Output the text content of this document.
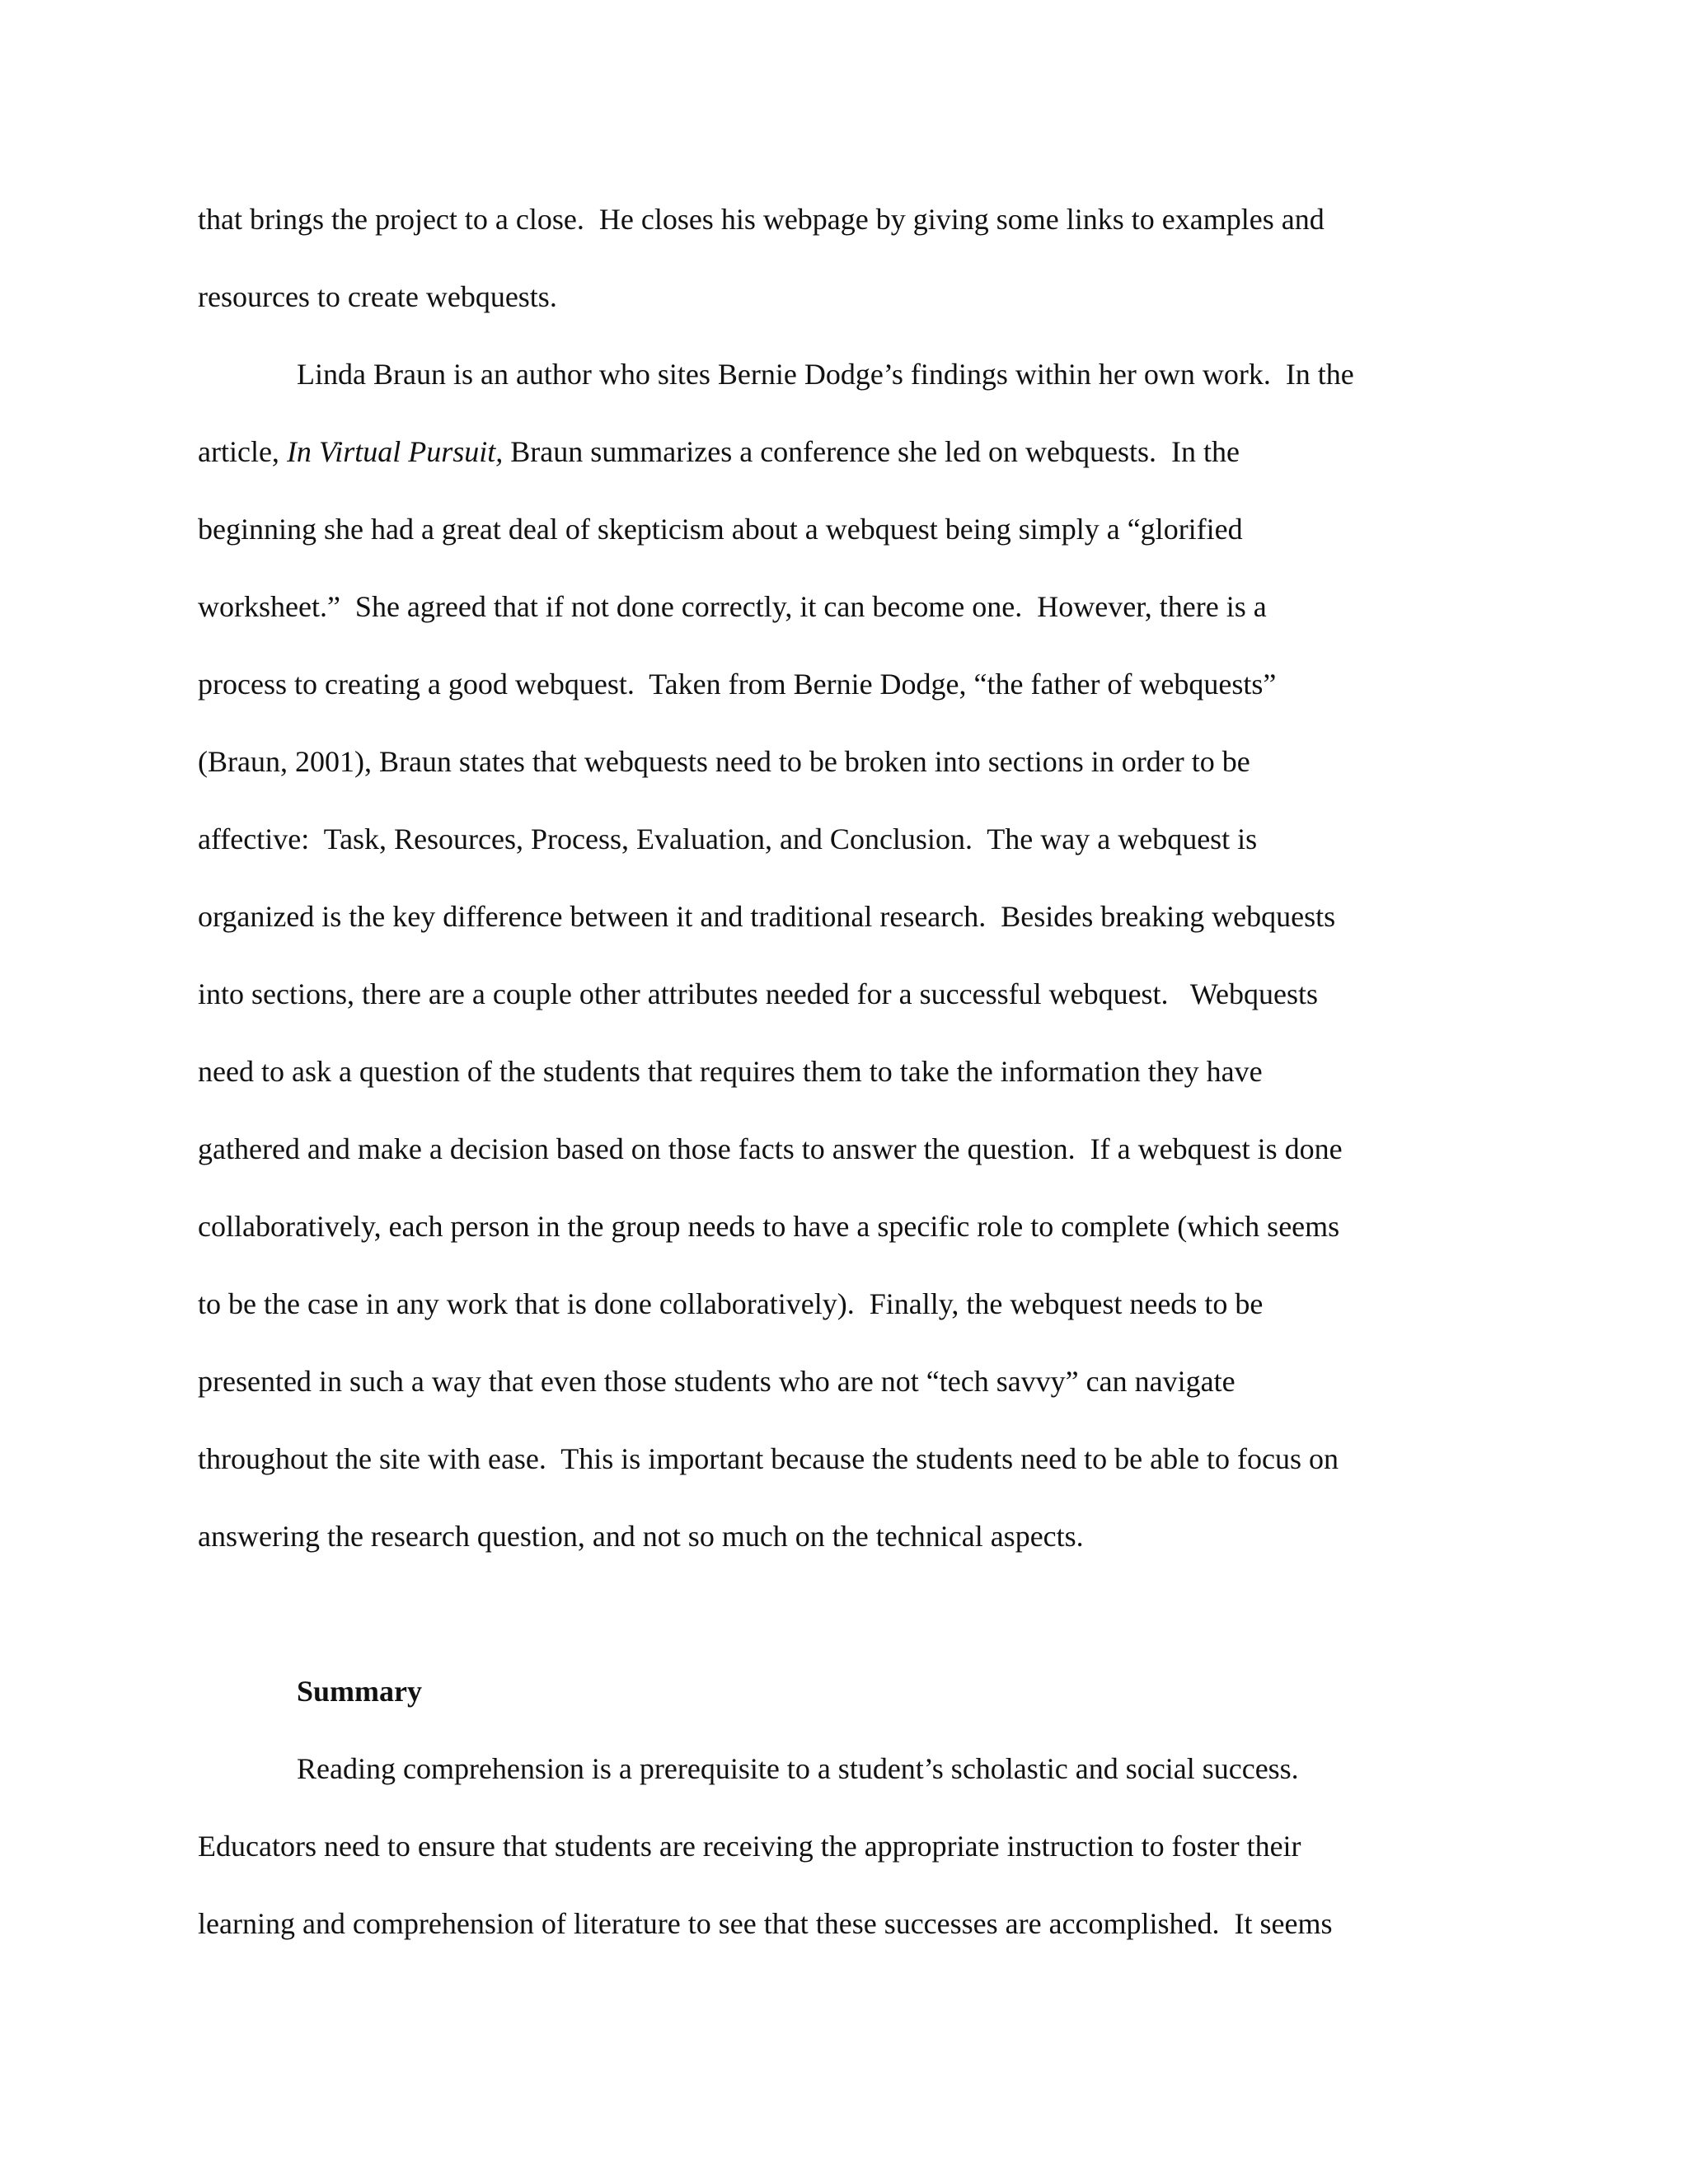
that brings the project to a close.  He closes his webpage by giving some links to examples and
resources to create webquests.
Linda Braun is an author who sites Bernie Dodge’s findings within her own work.  In the
article, In Virtual Pursuit, Braun summarizes a conference she led on webquests.  In the
beginning she had a great deal of skepticism about a webquest being simply a “glorified
worksheet.”  She agreed that if not done correctly, it can become one.  However, there is a
process to creating a good webquest.  Taken from Bernie Dodge, “the father of webquests”
(Braun, 2001), Braun states that webquests need to be broken into sections in order to be
affective:  Task, Resources, Process, Evaluation, and Conclusion.  The way a webquest is
organized is the key difference between it and traditional research.  Besides breaking webquests
into sections, there are a couple other attributes needed for a successful webquest.   Webquests
need to ask a question of the students that requires them to take the information they have
gathered and make a decision based on those facts to answer the question.  If a webquest is done
collaboratively, each person in the group needs to have a specific role to complete (which seems
to be the case in any work that is done collaboratively).  Finally, the webquest needs to be
presented in such a way that even those students who are not “tech savvy” can navigate
throughout the site with ease.  This is important because the students need to be able to focus on
answering the research question, and not so much on the technical aspects.
Summary
Reading comprehension is a prerequisite to a student’s scholastic and social success.
Educators need to ensure that students are receiving the appropriate instruction to foster their
learning and comprehension of literature to see that these successes are accomplished.  It seems
